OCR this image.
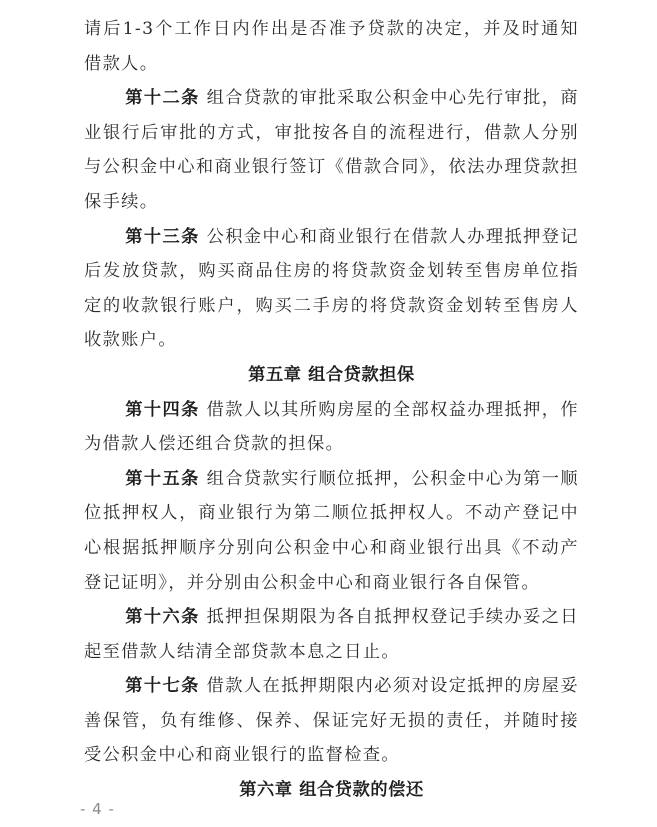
请后1-3个工作日内作出是否准予贷款的决定，并及时通知借款人。

第十二条 组合贷款的审批采取公积金中心先行审批，商业银行后审批的方式，审批按各自的流程进行，借款人分别与公积金中心和商业银行签订《借款合同》，依法办理贷款担保手续。

第十三条 公积金中心和商业银行在借款人办理抵押登记后发放贷款，购买商品住房的将贷款资金划转至售房单位指定的收款银行账户，购买二手房的将贷款资金划转至售房人收款账户。

第五章 组合贷款担保

第十四条 借款人以其所购房屋的全部权益办理抵押，作为借款人偿还组合贷款的担保。

第十五条 组合贷款实行顺位抵押，公积金中心为第一顺位抵押权人，商业银行为第二顺位抵押权人。不动产登记中心根据抵押顺序分别向公积金中心和商业银行出具《不动产登记证明》，并分别由公积金中心和商业银行各自保管。

第十六条 抵押担保期限为各自抵押权登记手续办妥之日起至借款人结清全部贷款本息之日止。

第十七条 借款人在抵押期限内必须对设定抵押的房屋妥善保管，负有维修、保养、保证完好无损的责任，并随时接受公积金中心和商业银行的监督检查。

第六章 组合贷款的偿还
- 4 -
